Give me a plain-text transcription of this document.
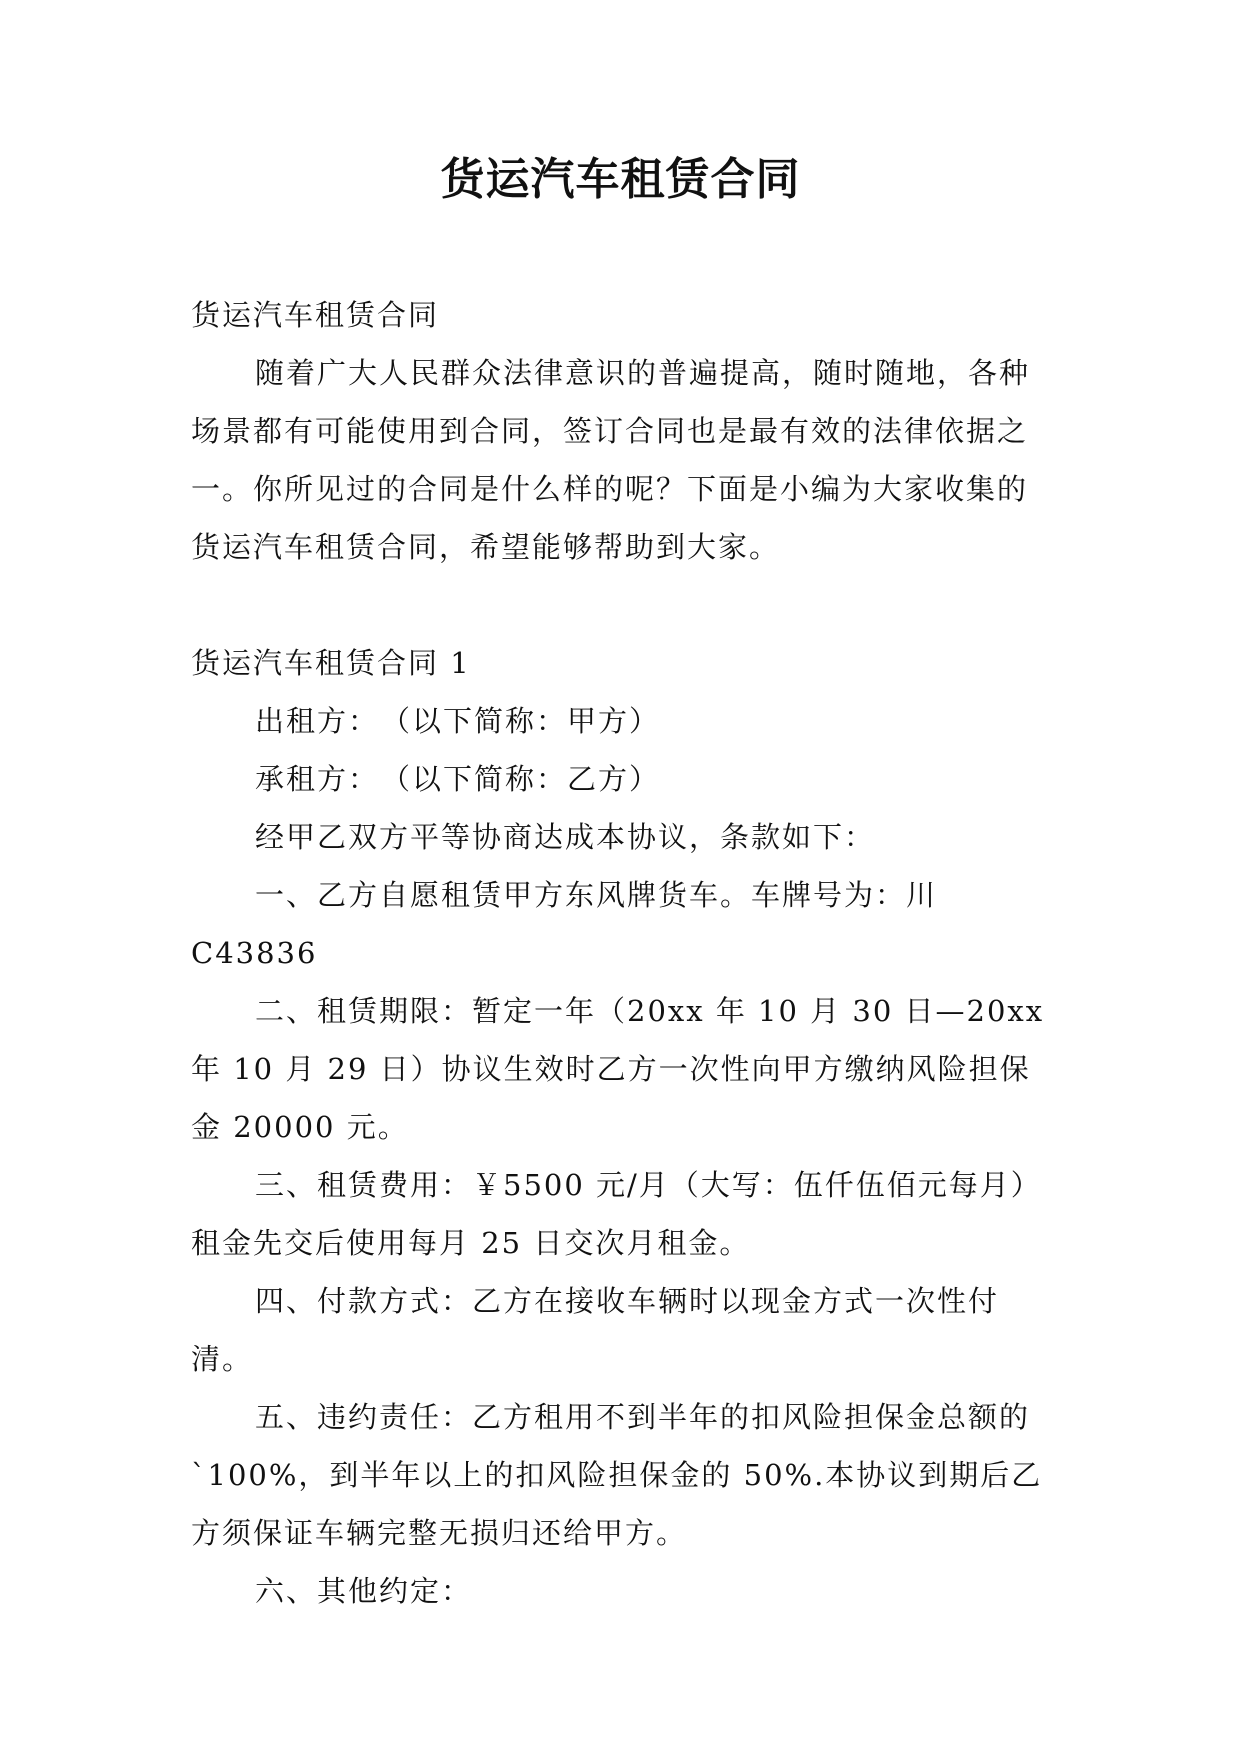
货运汽车租赁合同

货运汽车租赁合同

随着广大人民群众法律意识的普遍提高，随时随地，各种场景都有可能使用到合同，签订合同也是最有效的法律依据之一。你所见过的合同是什么样的呢？下面是小编为大家收集的货运汽车租赁合同，希望能够帮助到大家。

货运汽车租赁合同 1

出租方：　（以下简称：甲方）

承租方：　（以下简称：乙方）

经甲乙双方平等协商达成本协议，条款如下：

一、乙方自愿租赁甲方东风牌货车。车牌号为：川 C43836

二、租赁期限：暂定一年（20xx 年 10 月 30 日—20xx 年 10 月 29 日）协议生效时乙方一次性向甲方缴纳风险担保金 20000 元。

三、租赁费用：￥5500 元/月（大写：伍仟伍佰元每月）租金先交后使用每月 25 日交次月租金。

四、付款方式：乙方在接收车辆时以现金方式一次性付清。

五、违约责任：乙方租用不到半年的扣风险担保金总额的`100%，到半年以上的扣风险担保金的 50%.本协议到期后乙方须保证车辆完整无损归还给甲方。

六、其他约定：
